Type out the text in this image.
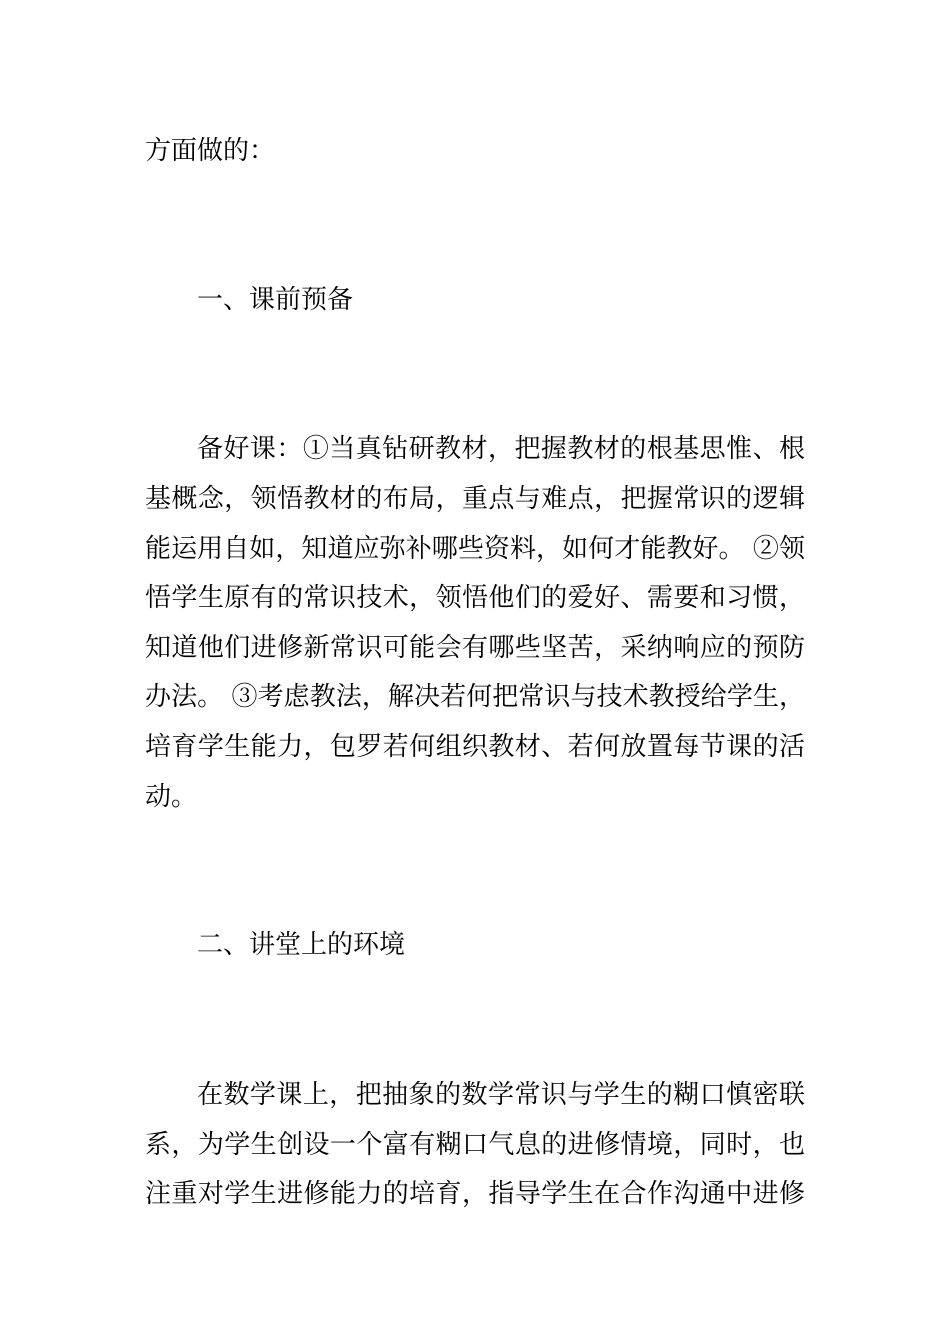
方面做的：
一、课前预备
备好课：①当真钻研教材，把握教材的根基思惟、根
基概念，领悟教材的布局，重点与难点，把握常识的逻辑
能运用自如，知道应弥补哪些资料，如何才能教好。 ②领
悟学生原有的常识技术，领悟他们的爱好、需要和习惯，
知道他们进修新常识可能会有哪些坚苦，采纳响应的预防
办法。 ③考虑教法，解决若何把常识与技术教授给学生，
培育学生能力，包罗若何组织教材、若何放置每节课的活
动。
二、讲堂上的环境
在数学课上，把抽象的数学常识与学生的糊口慎密联
系，为学生创设一个富有糊口气息的进修情境，同时，也
注重对学生进修能力的培育，指导学生在合作沟通中进修
